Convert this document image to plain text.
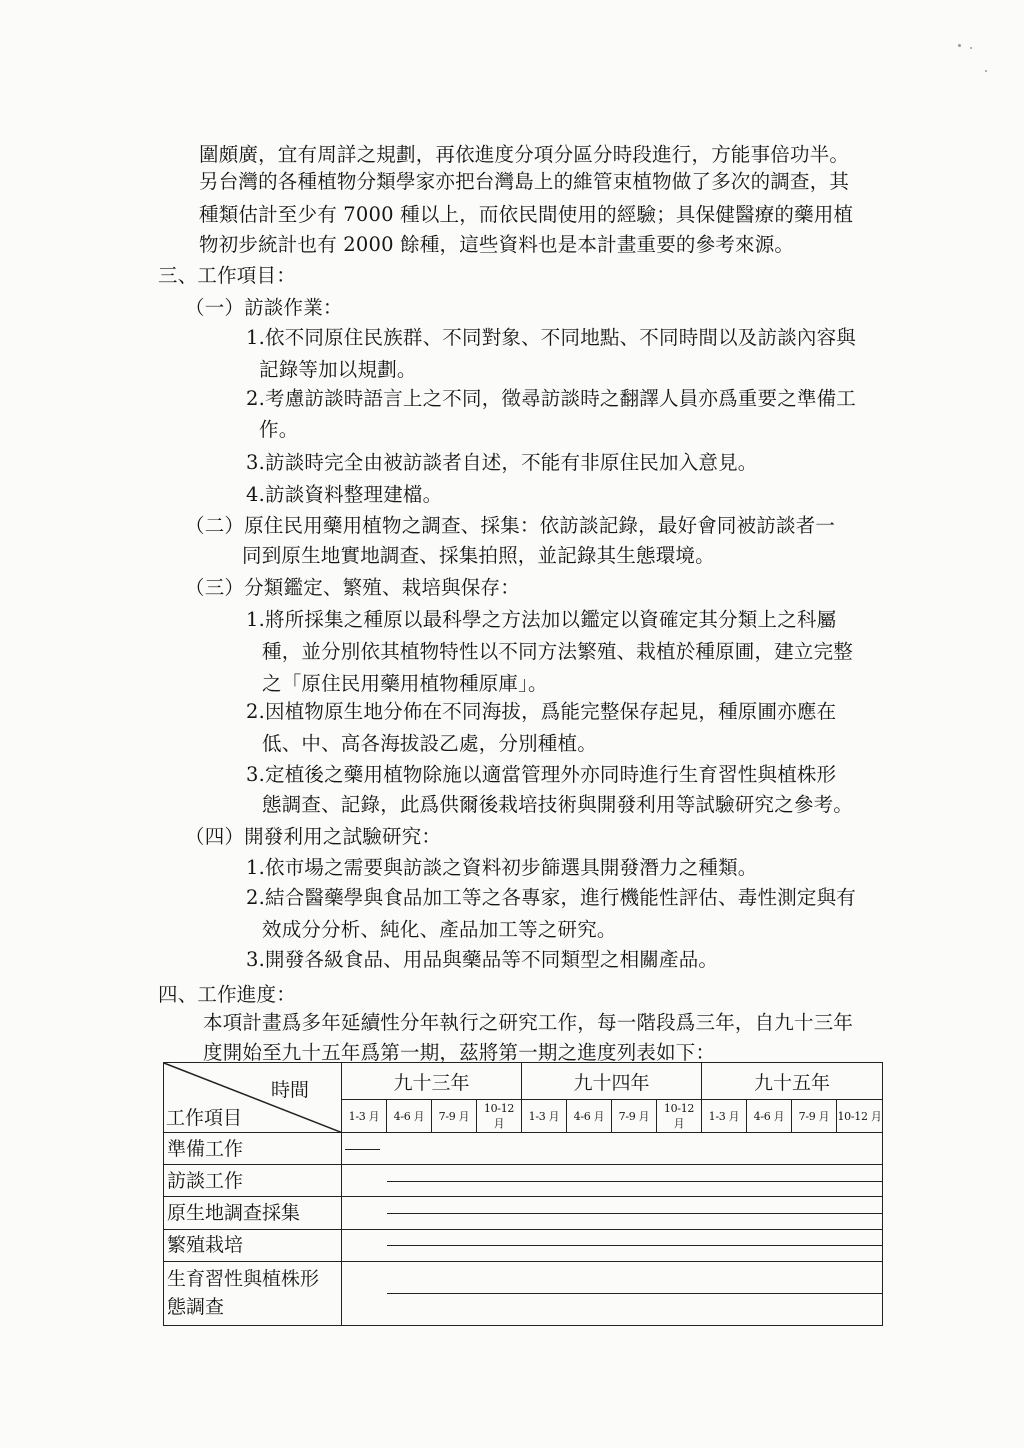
圍頗廣，宜有周詳之規劃，再依進度分項分區分時段進行，方能事倍功半。
另台灣的各種植物分類學家亦把台灣島上的維管束植物做了多次的調查，其
種類估計至少有 7000 種以上，而依民間使用的經驗；具保健醫療的藥用植
物初步統計也有 2000 餘種，這些資料也是本計畫重要的參考來源。
三、工作項目：
（一）訪談作業：
1.依不同原住民族群、不同對象、不同地點、不同時間以及訪談內容與
記錄等加以規劃。
2.考慮訪談時語言上之不同，徵尋訪談時之翻譯人員亦爲重要之準備工
作。
3.訪談時完全由被訪談者自述，不能有非原住民加入意見。
4.訪談資料整理建檔。
（二）原住民用藥用植物之調查、採集：依訪談記錄，最好會同被訪談者一
同到原生地實地調查、採集拍照，並記錄其生態環境。
（三）分類鑑定、繁殖、栽培與保存：
1.將所採集之種原以最科學之方法加以鑑定以資確定其分類上之科屬
種，並分別依其植物特性以不同方法繁殖、栽植於種原圃，建立完整
之「原住民用藥用植物種原庫」。
2.因植物原生地分佈在不同海拔，爲能完整保存起見，種原圃亦應在
低、中、高各海拔設乙處，分別種植。
3.定植後之藥用植物除施以適當管理外亦同時進行生育習性與植株形
態調查、記錄，此爲供爾後栽培技術與開發利用等試驗研究之參考。
（四）開發利用之試驗研究：
1.依市場之需要與訪談之資料初步篩選具開發潛力之種類。
2.結合醫藥學與食品加工等之各專家，進行機能性評估、毒性測定與有
效成分分析、純化、產品加工等之研究。
3.開發各級食品、用品與藥品等不同類型之相關產品。
四、工作進度：
本項計畫爲多年延續性分年執行之研究工作，每一階段爲三年，自九十三年
度開始至九十五年爲第一期，茲將第一期之進度列表如下：
時間
工作項目	九十三年				九十四年				九十五年			
	1-3 月	4-6 月	7-9 月	10-12 月	1-3 月	4-6 月	7-9 月	10-12 月	1-3 月	4-6 月	7-9 月	10-12 月
準備工作												

訪談工作												

原生地調查採集												

繁殖栽培												

生育習性與植株形
態調查												
